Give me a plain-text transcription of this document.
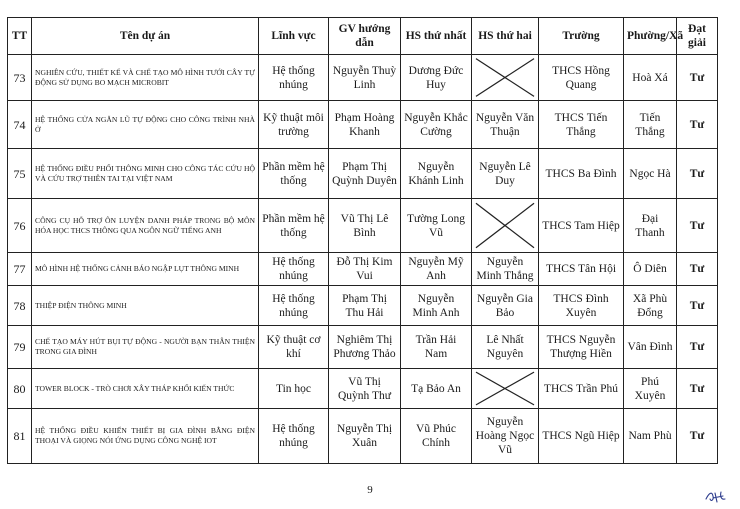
TT	Tên dự án	Lĩnh vực	GV hướng dẫn	HS thứ nhất	HS thứ hai	Trường	Phường/Xã	Đạt giải
73	NGHIÊN CỨU, THIẾT KẾ VÀ CHẾ TẠO MÔ HÌNH TƯỚI CÂY TỰ ĐỘNG SỬ DỤNG BO MẠCH MICROBIT	Hệ thống nhúng	Nguyễn Thuỳ Linh	Dương Đức Huy		THCS Hồng Quang	Hoà Xá	Tư
74	HỆ THỐNG CỬA NGĂN LŨ TỰ ĐỘNG CHO CÔNG TRÌNH NHÀ Ở	Kỹ thuật môi trường	Phạm Hoàng Khanh	Nguyễn Khắc Cường	Nguyễn Văn Thuận	THCS Tiến Thắng	Tiến Thắng	Tư
75	HỆ THỐNG ĐIỀU PHỐI THÔNG MINH CHO CÔNG TÁC CỨU HỘ VÀ CỨU TRỢ THIÊN TAI TẠI VIỆT NAM	Phần mềm hệ thống	Phạm Thị Quỳnh Duyên	Nguyễn Khánh Linh	Nguyễn Lê Duy	THCS Ba Đình	Ngọc Hà	Tư
76	CÔNG CỤ HỖ TRỢ ÔN LUYỆN DANH PHÁP TRONG BỘ MÔN HÓA HỌC THCS THÔNG QUA NGÔN NGỮ TIẾNG ANH	Phần mềm hệ thống	Vũ Thị Lê Bình	Tường Long Vũ		THCS Tam Hiệp	Đại Thanh	Tư
77	MÔ HÌNH HỆ THỐNG CẢNH BÁO NGẬP LỤT THÔNG MINH	Hệ thống nhúng	Đỗ Thị Kim Vui	Nguyễn Mỹ Anh	Nguyễn Minh Thắng	THCS Tân Hội	Ô Diên	Tư
78	THIỆP ĐIỆN THÔNG MINH	Hệ thống nhúng	Phạm Thị Thu Hải	Nguyễn Minh Anh	Nguyễn Gia Bảo	THCS Đình Xuyên	Xã Phù Đổng	Tư
79	CHẾ TẠO MÁY HÚT BỤI TỰ ĐỘNG - NGƯỜI BẠN THÂN THIỆN TRONG GIA ĐÌNH	Kỹ thuật cơ khí	Nghiêm Thị Phương Thảo	Trần Hải Nam	Lê Nhất Nguyên	THCS Nguyễn Thượng Hiền	Vân Đình	Tư
80	TOWER BLOCK - TRÒ CHƠI XÂY THÁP KHỐI KIẾN THỨC	Tin học	Vũ Thị Quỳnh Thư	Tạ Bảo An		THCS Trần Phú	Phú Xuyên	Tư
81	HỆ THỐNG ĐIỀU KHIỂN THIẾT BỊ GIA ĐÌNH BẰNG ĐIỆN THOẠI VÀ GIỌNG NÓI ỨNG DỤNG CÔNG NGHỆ IOT	Hệ thống nhúng	Nguyễn Thị Xuân	Vũ Phúc Chính	Nguyễn Hoàng Ngọc Vũ	THCS Ngũ Hiệp	Nam Phù	Tư
9
